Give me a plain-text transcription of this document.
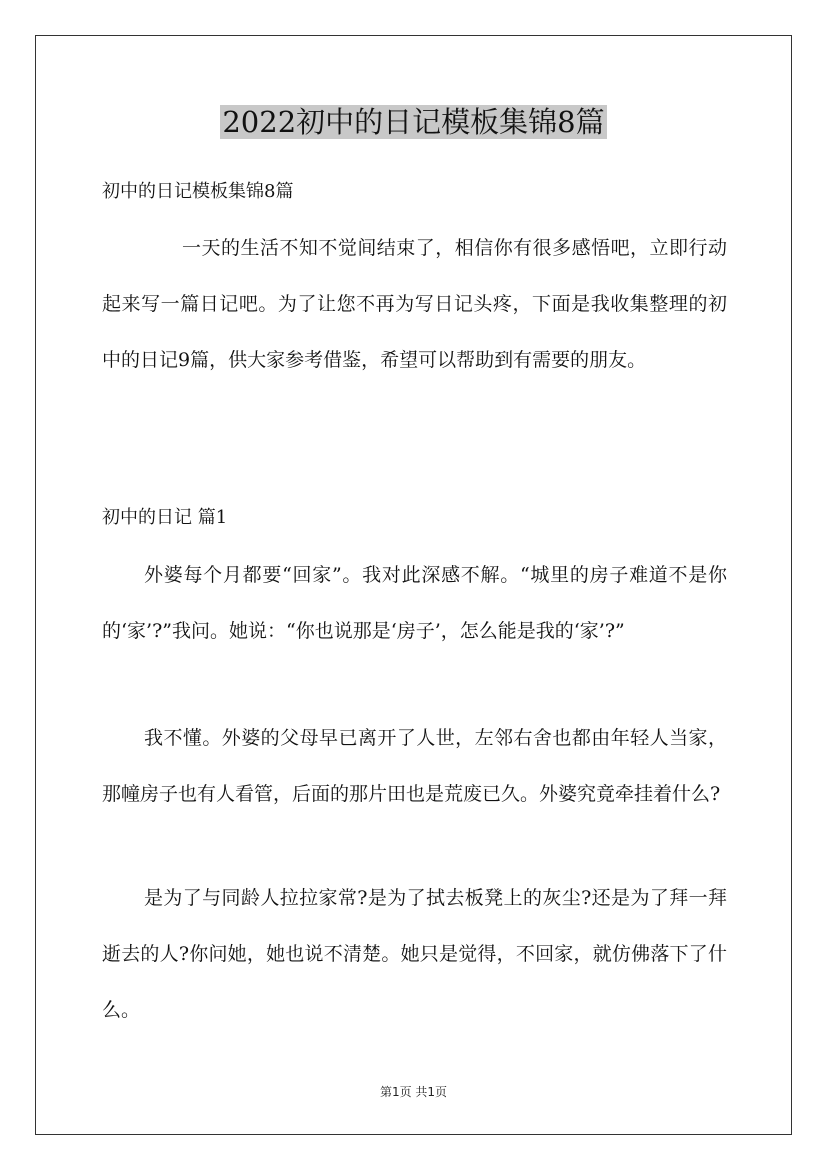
2022初中的日记模板集锦8篇
初中的日记模板集锦8篇

一天的生活不知不觉间结束了，相信你有很多感悟吧，立即行动起来写一篇日记吧。为了让您不再为写日记头疼，下面是我收集整理的初中的日记9篇，供大家参考借鉴，希望可以帮助到有需要的朋友。

初中的日记 篇1

外婆每个月都要“回家”。我对此深感不解。“城里的房子难道不是你的‘家’?”我问。她说：“你也说那是‘房子’，怎么能是我的‘家’?”

我不懂。外婆的父母早已离开了人世，左邻右舍也都由年轻人当家，那幢房子也有人看管，后面的那片田也是荒废已久。外婆究竟牵挂着什么?

是为了与同龄人拉拉家常?是为了拭去板凳上的灰尘?还是为了拜一拜逝去的人?你问她，她也说不清楚。她只是觉得，不回家，就仿佛落下了什么。

第1页 共1页
